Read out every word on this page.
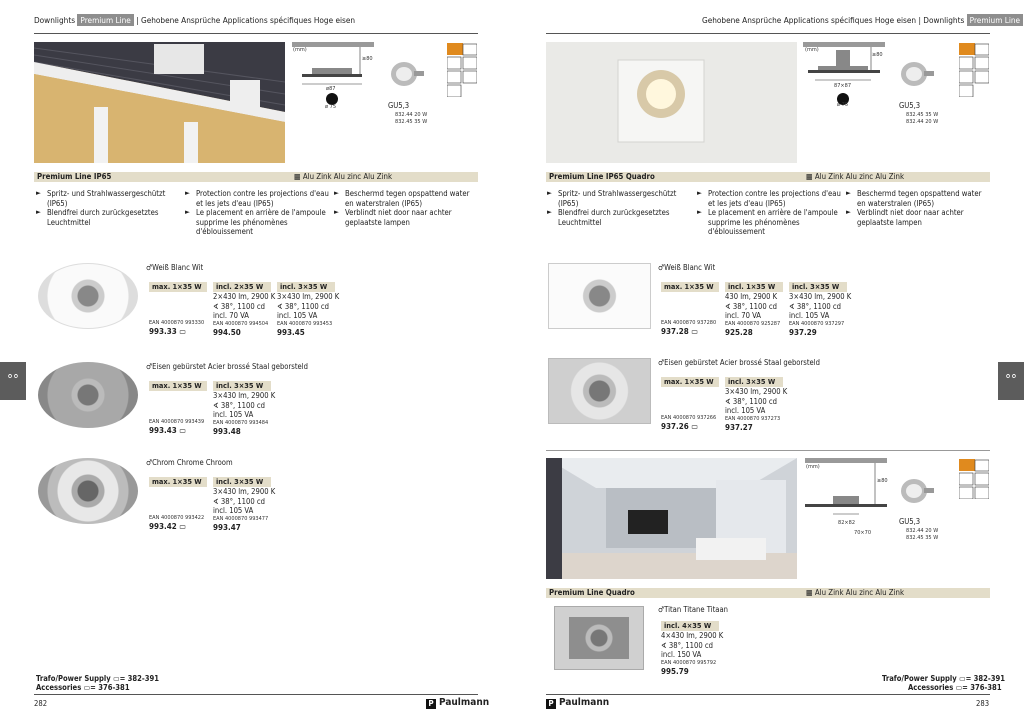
Downlights Premium Line | Gehobene Ansprüche Applications spécifiques Hoge eisen
(mm)
≥80
ø87
ø 75	GU5,3
832.44 20 W
832.45 35 W
Premium Line IP65	▦ Alu Zink Alu zinc Alu Zink
► Spritz- und Strahlwassergeschützt (IP65)
► Blendfrei durch zurückgesetztes Leuchtmittel
► Protection contre les projections d'eau et les jets d'eau (IP65)
► Le placement en arrière de l'ampoule supprime les phénomènes d'éblouissement
► Beschermd tegen opspattend water en waterstralen (IP65)
► Verblindt niet door naar achter geplaatste lampen
♂Weiß Blanc Wit
max. 1×35 W
EAN 4000870 993330
993.33 ▭
incl. 2×35 W
2×430 lm, 2900 K
∢ 38°, 1100 cd
incl. 70 VA
EAN 4000870 994504
994.50
incl. 3×35 W
3×430 lm, 2900 K
∢ 38°, 1100 cd
incl. 105 VA
EAN 4000870 993453
993.45
♂Eisen gebürstet Acier brossé Staal geborsteld
max. 1×35 W
EAN 4000870 993439
993.43 ▭
incl. 3×35 W
3×430 lm, 2900 K
∢ 38°, 1100 cd
incl. 105 VA
EAN 4000870 993484
993.48
♂Chrom Chrome Chroom
max. 1×35 W
EAN 4000870 993422
993.42 ▭
incl. 3×35 W
3×430 lm, 2900 K
∢ 38°, 1100 cd
incl. 105 VA
EAN 4000870 993477
993.47
°°
Trafo/Power Supply ▭= 382-391
Accessories ▭= 376-381
282	P Paulmann
Gehobene Ansprüche Applications spécifiques Hoge eisen | Downlights Premium Line
(mm)
≥80
87×87
ø 75	GU5,3
832.45 35 W
832.44 20 W
Premium Line IP65 Quadro	▦ Alu Zink Alu zinc Alu Zink
► Spritz- und Strahlwassergeschützt (IP65)
► Blendfrei durch zurückgesetztes Leuchtmittel
► Protection contre les projections d'eau et les jets d'eau (IP65)
► Le placement en arrière de l'ampoule supprime les phénomènes d'éblouissement
► Beschermd tegen opspattend water en waterstralen (IP65)
► Verblindt niet door naar achter geplaatste lampen
♂Weiß Blanc Wit
max. 1×35 W
EAN 4000870 937280
937.28 ▭
incl. 1×35 W
430 lm, 2900 K
∢ 38°, 1100 cd
incl. 70 VA
EAN 4000870 925287
925.28
incl. 3×35 W
3×430 lm, 2900 K
∢ 38°, 1100 cd
incl. 105 VA
EAN 4000870 937297
937.29
♂Eisen gebürstet Acier brossé Staal geborsteld
max. 1×35 W
EAN 4000870 937266
937.26 ▭
incl. 3×35 W
3×430 lm, 2900 K
∢ 38°, 1100 cd
incl. 105 VA
EAN 4000870 937273
937.27
(mm)
≥80
82×82
70×70
GU5,3
832.44 20 W
832.45 35 W
Premium Line Quadro	▦ Alu Zink Alu zinc Alu Zink
♂Titan Titane Titaan
incl. 4×35 W
4×430 lm, 2900 K
∢ 38°, 1100 cd
incl. 150 VA
EAN 4000870 995792
995.79
°°
Trafo/Power Supply ▭= 382-391
Accessories ▭= 376-381
P Paulmann	283
